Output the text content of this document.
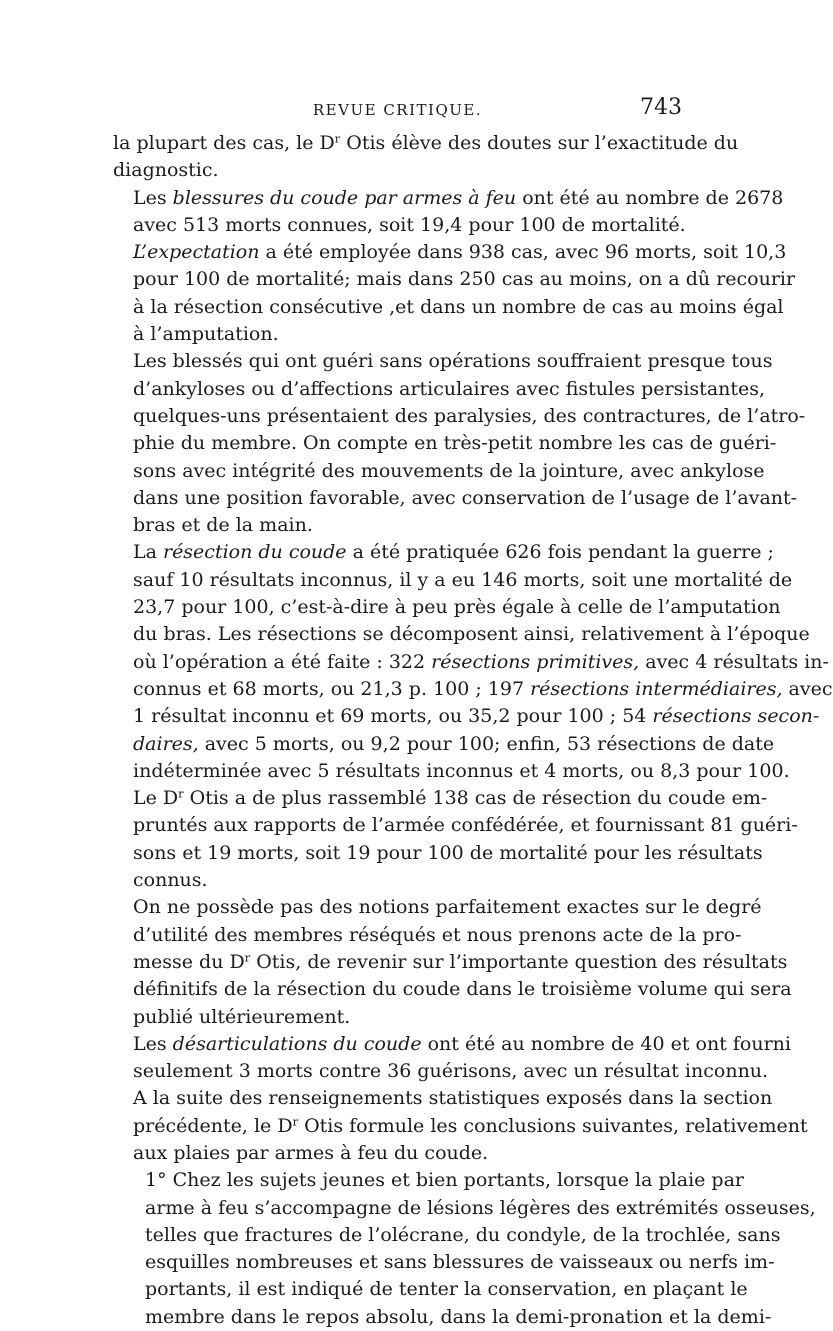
REVUE CRITIQUE.	743

la plupart des cas, le $D^r$ Otis élève des doutes sur l’exactitude du
diagnostic.

Les blessures du coude par armes à feu ont été au nombre de 2678
avec 513 morts connues, soit 19,4 pour 100 de mortalité.

L’expectation a été employée dans 938 cas, avec 96 morts, soit 10,3
pour 100 de mortalité; mais dans 250 cas au moins, on a dû recourir
à la résection consécutive ,et dans un nombre de cas au moins égal
à l’amputation.

Les blessés qui ont guéri sans opérations souffraient presque tous
d’ankyloses ou d’affections articulaires avec fistules persistantes,
quelques-uns présentaient des paralysies, des contractures, de l’atro-
phie du membre. On compte en très-petit nombre les cas de guéri-
sons avec intégrité des mouvements de la jointure, avec ankylose
dans une position favorable, avec conservation de l’usage de l’avant-
bras et de la main.

La résection du coude a été pratiquée 626 fois pendant la guerre ;
sauf 10 résultats inconnus, il y a eu 146 morts, soit une mortalité de
23,7 pour 100, c’est-à-dire à peu près égale à celle de l’amputation
du bras. Les résections se décomposent ainsi, relativement à l’époque
où l’opération a été faite : 322 résections primitives, avec 4 résultats in-
connus et 68 morts, ou 21,3 p. 100 ; 197 résections intermédiaires, avec
1 résultat inconnu et 69 morts, ou 35,2 pour 100 ; 54 résections secon-
daires, avec 5 morts, ou 9,2 pour 100; enfin, 53 résections de date
indéterminée avec 5 résultats inconnus et 4 morts, ou 8,3 pour 100.

Le $D^r$ Otis a de plus rassemblé 138 cas de résection du coude em-
pruntés aux rapports de l’armée confédérée, et fournissant 81 guéri-
sons et 19 morts, soit 19 pour 100 de mortalité pour les résultats
connus.

On ne possède pas des notions parfaitement exactes sur le degré
d’utilité des membres réséqués et nous prenons acte de la pro-
messe du $D^r$ Otis, de revenir sur l’importante question des résultats
définitifs de la résection du coude dans le troisième volume qui sera
publié ultérieurement.

Les désarticulations du coude ont été au nombre de 40 et ont fourni
seulement 3 morts contre 36 guérisons, avec un résultat inconnu.

A la suite des renseignements statistiques exposés dans la section
précédente, le $D^r$ Otis formule les conclusions suivantes, relativement
aux plaies par armes à feu du coude.

1° Chez les sujets jeunes et bien portants, lorsque la plaie par
arme à feu s’accompagne de lésions légères des extrémités osseuses,
telles que fractures de l’olécrane, du condyle, de la trochlée, sans
esquilles nombreuses et sans blessures de vaisseaux ou nerfs im-
portants, il est indiqué de tenter la conservation, en plaçant le
membre dans le repos absolu, dans la demi-pronation et la demi-
